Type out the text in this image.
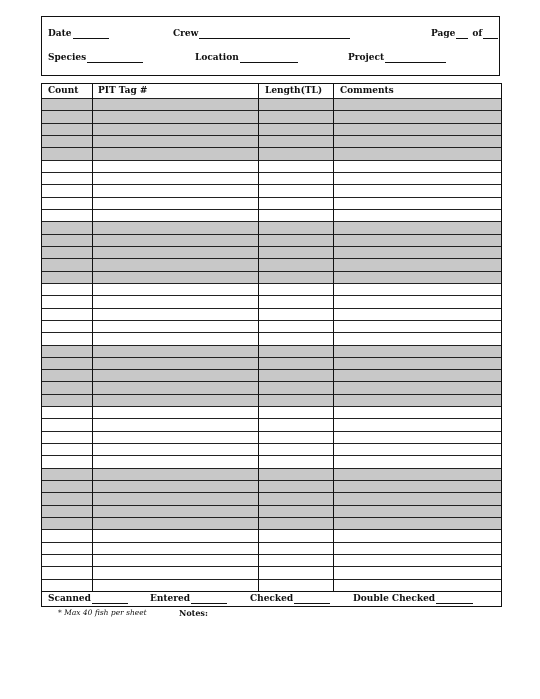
Date	Crew	Page of
Species	Location	Project
Count	PIT Tag #	Length(TL)	Comments
Scanned	Entered	Checked	Double Checked
* Max 40 fish per sheet	Notes:
